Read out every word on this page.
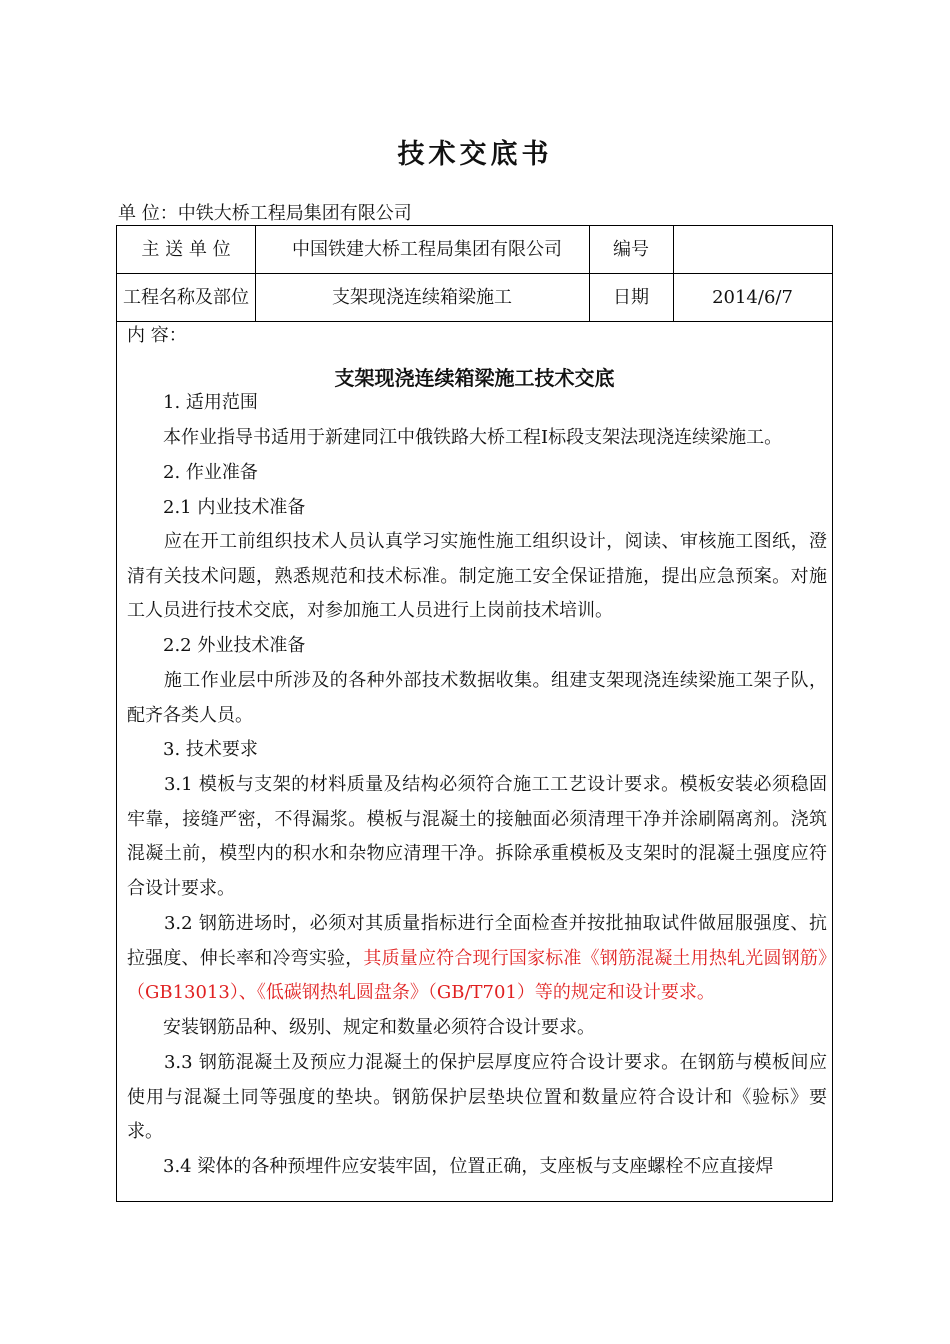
技术交底书
单 位：中铁大桥工程局集团有限公司
主 送 单 位	中国铁建大桥工程局集团有限公司	编号
工程名称及部位	支架现浇连续箱梁施工	日期	2014/6/7
内 容：
支架现浇连续箱梁施工技术交底
　　1. 适用范围
　　本作业指导书适用于新建同江中俄铁路大桥工程Ⅰ标段支架法现浇连续梁施工。
　　2. 作业准备
　　2.1 内业技术准备
　　应在开工前组织技术人员认真学习实施性施工组织设计，阅读、审核施工图纸，澄清有关技术问题，熟悉规范和技术标准。制定施工安全保证措施，提出应急预案。对施工人员进行技术交底，对参加施工人员进行上岗前技术培训。
　　2.2 外业技术准备
　　施工作业层中所涉及的各种外部技术数据收集。组建支架现浇连续梁施工架子队，配齐各类人员。
　　3. 技术要求
　　3.1 模板与支架的材料质量及结构必须符合施工工艺设计要求。模板安装必须稳固牢靠，接缝严密，不得漏浆。模板与混凝土的接触面必须清理干净并涂刷隔离剂。浇筑混凝土前，模型内的积水和杂物应清理干净。拆除承重模板及支架时的混凝土强度应符合设计要求。
　　3.2 钢筋进场时，必须对其质量指标进行全面检查并按批抽取试件做屈服强度、抗拉强度、伸长率和冷弯实验，其质量应符合现行国家标准《钢筋混凝土用热轧光圆钢筋》（GB13013）、《低碳钢热轧圆盘条》（GB/T701）等的规定和设计要求。
　　安装钢筋品种、级别、规定和数量必须符合设计要求。
　　3.3 钢筋混凝土及预应力混凝土的保护层厚度应符合设计要求。在钢筋与模板间应使用与混凝土同等强度的垫块。钢筋保护层垫块位置和数量应符合设计和《验标》要求。
　　3.4 梁体的各种预埋件应安装牢固，位置正确，支座板与支座螺栓不应直接焊
